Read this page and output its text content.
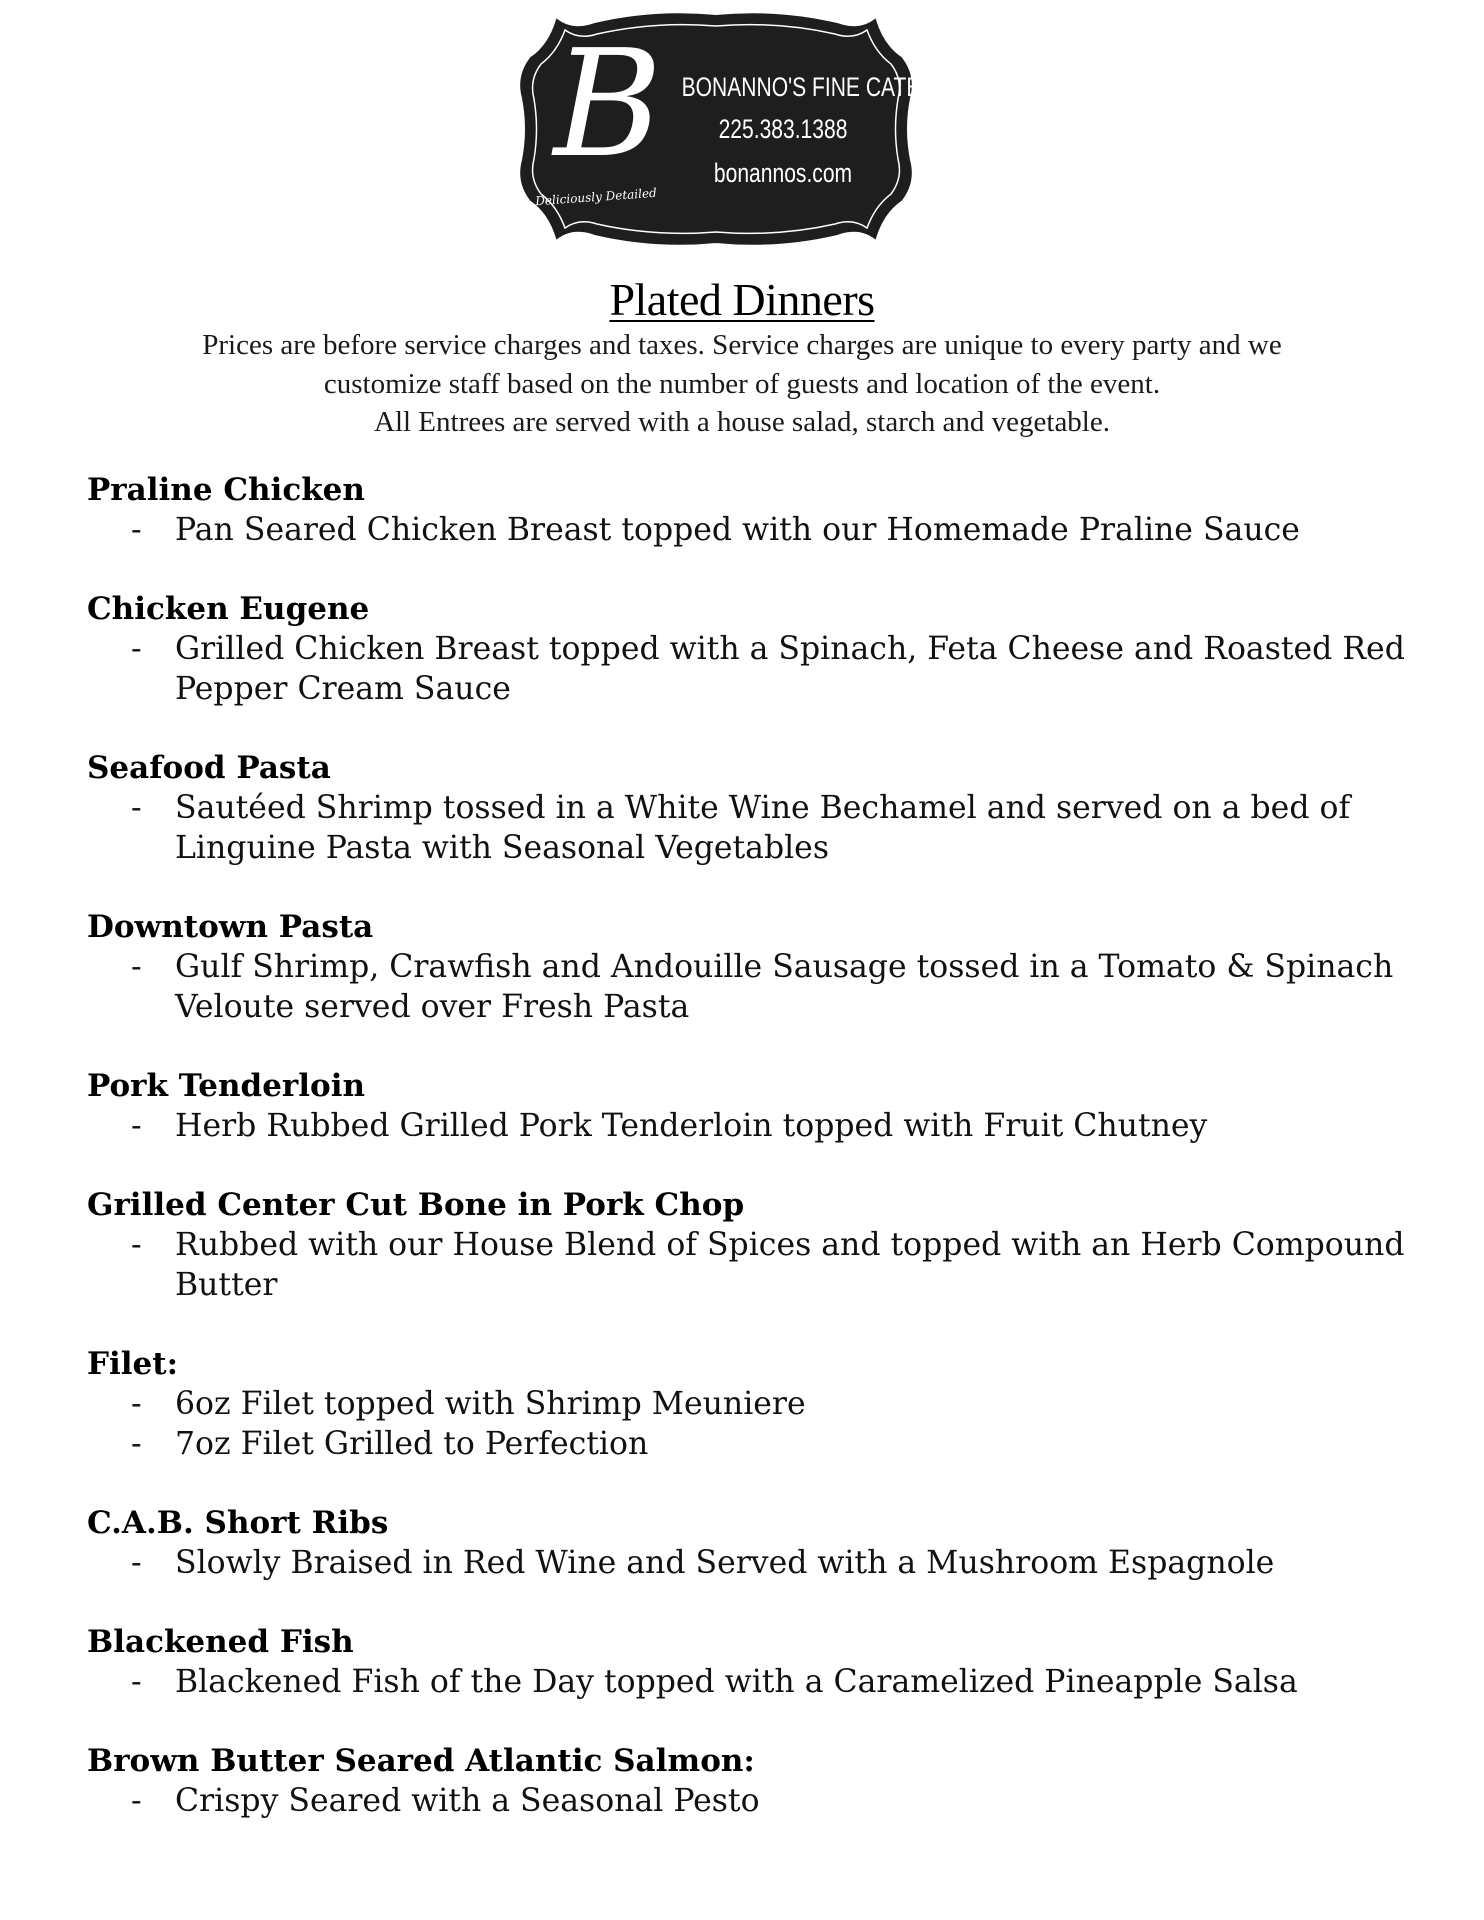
B
Deliciously Detailed
BONANNO'S FINE CATERING
225.383.1388
bonannos.com
Plated Dinners
Prices are before service charges and taxes. Service charges are unique to every party and we
customize staff based on the number of guests and location of the event.
All Entrees are served with a house salad, starch and vegetable.
Praline Chicken
- Pan Seared Chicken Breast topped with our Homemade Praline Sauce
Chicken Eugene
- Grilled Chicken Breast topped with a Spinach, Feta Cheese and Roasted Red Pepper Cream Sauce
Seafood Pasta
- Sautéed Shrimp tossed in a White Wine Bechamel and served on a bed of Linguine Pasta with Seasonal Vegetables
Downtown Pasta
- Gulf Shrimp, Crawfish and Andouille Sausage tossed in a Tomato & Spinach Veloute served over Fresh Pasta
Pork Tenderloin
- Herb Rubbed Grilled Pork Tenderloin topped with Fruit Chutney
Grilled Center Cut Bone in Pork Chop
- Rubbed with our House Blend of Spices and topped with an Herb Compound Butter
Filet:
- 6oz Filet topped with Shrimp Meuniere
- 7oz Filet Grilled to Perfection
C.A.B. Short Ribs
- Slowly Braised in Red Wine and Served with a Mushroom Espagnole
Blackened Fish
- Blackened Fish of the Day topped with a Caramelized Pineapple Salsa
Brown Butter Seared Atlantic Salmon:
- Crispy Seared with a Seasonal Pesto
